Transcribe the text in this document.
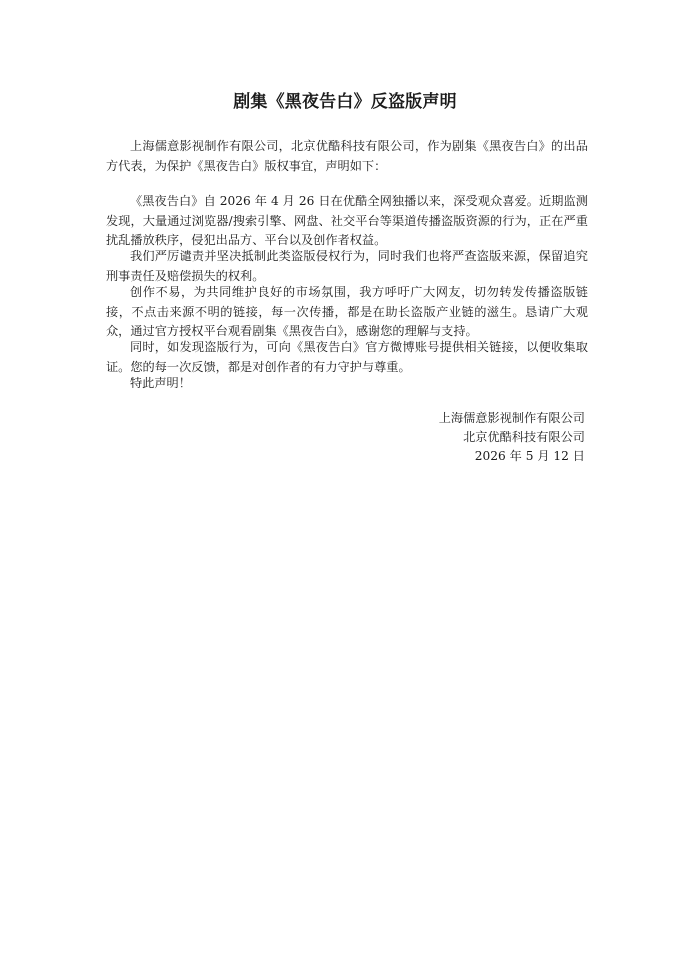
剧集《黑夜告白》反盗版声明

上海儒意影视制作有限公司，北京优酷科技有限公司，作为剧集《黑夜告白》的出品方代表，为保护《黑夜告白》版权事宜，声明如下：

《黑夜告白》自 2026 年 4 月 26 日在优酷全网独播以来，深受观众喜爱。近期监测发现，大量通过浏览器/搜索引擎、网盘、社交平台等渠道传播盗版资源的行为，正在严重扰乱播放秩序，侵犯出品方、平台以及创作者权益。

我们严厉谴责并坚决抵制此类盗版侵权行为，同时我们也将严查盗版来源，保留追究刑事责任及赔偿损失的权利。

创作不易，为共同维护良好的市场氛围，我方呼吁广大网友，切勿转发传播盗版链接，不点击来源不明的链接，每一次传播，都是在助长盗版产业链的滋生。恳请广大观众，通过官方授权平台观看剧集《黑夜告白》，感谢您的理解与支持。

同时，如发现盗版行为，可向《黑夜告白》官方微博账号提供相关链接，以便收集取证。您的每一次反馈，都是对创作者的有力守护与尊重。

特此声明！

上海儒意影视制作有限公司
北京优酷科技有限公司
2026 年 5 月 12 日
